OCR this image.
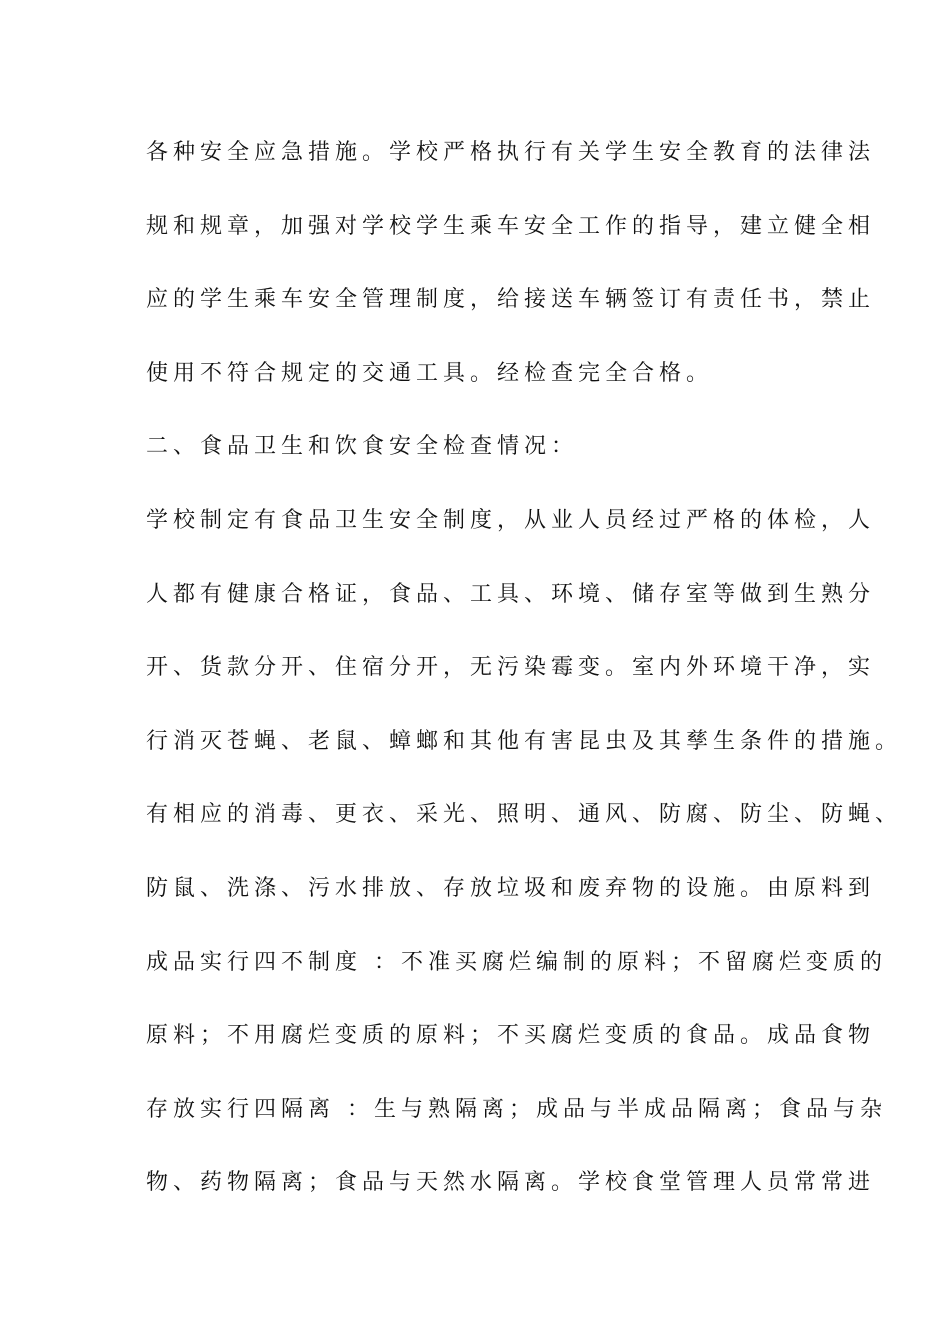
各种安全应急措施。学校严格执行有关学生安全教育的法律法
规和规章，加强对学校学生乘车安全工作的指导，建立健全相
应的学生乘车安全管理制度，给接送车辆签订有责任书，禁止
使用不符合规定的交通工具。经检查完全合格。
二、食品卫生和饮食安全检查情况：
学校制定有食品卫生安全制度，从业人员经过严格的体检，人
人都有健康合格证，食品、工具、环境、储存室等做到生熟分
开、货款分开、住宿分开，无污染霉变。室内外环境干净，实
行消灭苍蝇、老鼠、蟑螂和其他有害昆虫及其孳生条件的措施。
有相应的消毒、更衣、采光、照明、通风、防腐、防尘、防蝇、
防鼠、洗涤、污水排放、存放垃圾和废弃物的设施。由原料到
成品实行四不制度 ：不准买腐烂编制的原料；不留腐烂变质的
原料；不用腐烂变质的原料；不买腐烂变质的食品。成品食物
存放实行四隔离 ：生与熟隔离；成品与半成品隔离；食品与杂
物、药物隔离；食品与天然水隔离。学校食堂管理人员常常进
